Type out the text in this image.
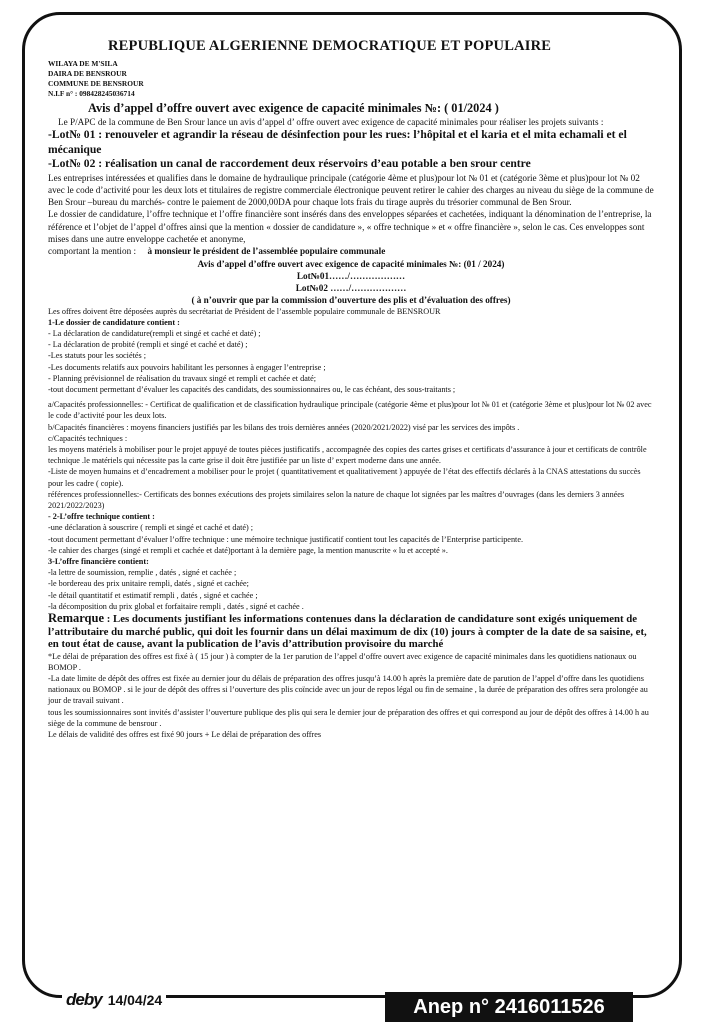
REPUBLIQUE ALGERIENNE DEMOCRATIQUE ET POPULAIRE
WILAYA DE M'SILA
DAIRA DE BENSROUR
COMMUNE DE BENSROUR
N.I.F n° : 098428245036714
Avis d’appel d’offre ouvert avec exigence de capacité minimales №: ( 01/2024 )
Le P/APC de la commune de Ben Srour lance un avis d’appel d’ offre ouvert avec exigence de capacité minimales pour réaliser les projets suivants :
-Lot№ 01 : renouveler et agrandir la réseau de désinfection pour les rues: l’hôpital et el karia et el mita echamali et el mécanique
-Lot№ 02 : réalisation un canal de raccordement deux réservoirs d’eau potable a ben srour centre
Les entreprises intéressées et qualifies dans le domaine de hydraulique principale (catégorie 4ème et plus)pour lot № 01 et (catégorie 3ème et plus)pour lot № 02 avec le code d’activité pour les deux lots et titulaires de registre commerciale électronique peuvent retirer le cahier des charges au niveau du siège de la commune de Ben Srour –bureau du marchés- contre le paiement de 2000,00DA pour chaque lots frais du tirage auprès du trésorier communal de Ben Srour.
Le dossier de candidature, l’offre technique et l’offre financière sont insérés dans des enveloppes séparées et cachetées, indiquant la dénomination de l’entreprise, la référence et l’objet de l’appel d’offres ainsi que la mention « dossier de candidature », « offre technique » et « offre financière », selon le cas. Ces enveloppes sont mises dans une autre enveloppe cachetée et anonyme,
comportant la mention : à monsieur le président de l’assemblée populaire communale
Avis d’appel d’offre ouvert avec exigence de capacité minimales №: (01 / 2024)
Lot№01……/………………
Lot№02 ……/………………
( à n’ouvrir que par la commission d’ouverture des plis et d’évaluation des offres)
Les offres doivent être déposées auprès du secrétariat de Président de l’assemble populaire communale de BENSROUR
1-Le dossier de candidature contient :
- La déclaration de candidature(rempli et singé et caché et daté) ;
- La déclaration de probité (rempli et singé et caché et daté) ;
-Les statuts pour les sociétés ;
-Les documents relatifs aux pouvoirs habilitant les personnes à engager l’entreprise ;
- Planning prévisionnel de réalisation du travaux singé et rempli et cachée et daté;
-tout document permettant d’évaluer les capacités des candidats, des soumissionnaires ou, le cas échéant, des sous-traitants ;
a/Capacités professionnelles: - Certificat de qualification et de classification hydraulique principale (catégorie 4ème et plus)pour lot № 01 et (catégorie 3ème et plus)pour lot № 02 avec le code d’activité pour les deux lots.
b/Capacités financières : moyens financiers justifiés par les bilans des trois dernières années (2020/2021/2022) visé par les services des impôts .
c/Capacités techniques :
les moyens matériels à mobiliser pour le projet appuyé de toutes pièces justificatifs , accompagnée des copies des cartes grises et certificats d’assurance à jour et certificats de contrôle technique .le matériels qui nécessite pas la carte grise il doit être justifiée par un liste d’ expert moderne dans une année.
-Liste de moyen humains et d’encadrement a mobiliser pour le projet ( quantitativement et qualitativement ) appuyée de l’état des effectifs déclarés à la CNAS attestations du succès pour les cadre ( copie).
références professionnelles:- Certificats des bonnes exécutions des projets similaires selon la nature de chaque lot signées par les maîtres d’ouvrages (dans les derniers 3 années 2021/2022/2023)
- 2-L’offre technique contient :
-une déclaration à souscrire ( rempli et singé et caché et daté) ;
-tout document permettant d’évaluer l’offre technique : une mémoire technique justificatif contient tout les capacités de l’Enterprise participente.
-le cahier des charges (singé et rempli et cachée et daté)portant à la dernière page, la mention manuscrite « lu et accepté ».
3-L’offre financière contient:
-la lettre de soumission, remplie , datés , signé et cachée ;
-le bordereau des prix unitaire rempli, datés , signé et cachée;
-le détail quantitatif et estimatif rempli , datés , signé et cachée ;
-la décomposition du prix global et forfaitaire rempli , datés , signé et cachée .
Remarque : Les documents justifiant les informations contenues dans la déclaration de candidature sont exigés uniquement de l’attributaire du marché public, qui doit les fournir dans un délai maximum de dix (10) jours à compter de la date de sa saisine, et, en tout état de cause, avant la publication de l’avis d’attribution provisoire du marché
*Le délai de préparation des offres est fixé à ( 15 jour ) à compter de la 1er parution de l’appel d’offre ouvert avec exigence de capacité minimales dans les quotidiens nationaux ou BOMOP .
-La date limite de dépôt des offres est fixée au dernier jour du délais de préparation des offres jusqu’à 14.00 h après la première date de parution de l’appel d’offre dans les quotidiens nationaux ou BOMOP . si le jour de dépôt des offres si l’ouverture des plis coïncide avec un jour de repos légal ou fin de semaine , la durée de préparation des offres sera prolongée au jour de travail suivant .
tous les soumissionnaires sont invités d’assister l’ouverture publique des plis qui sera le dernier jour de préparation des offres et qui correspond au jour de dépôt des offres à 14.00 h au siège de la commune de bensrour .
Le délais de validité des offres est fixé 90 jours + Le délai de préparation des offres
deby 14/04/24	Anep n° 2416011526
